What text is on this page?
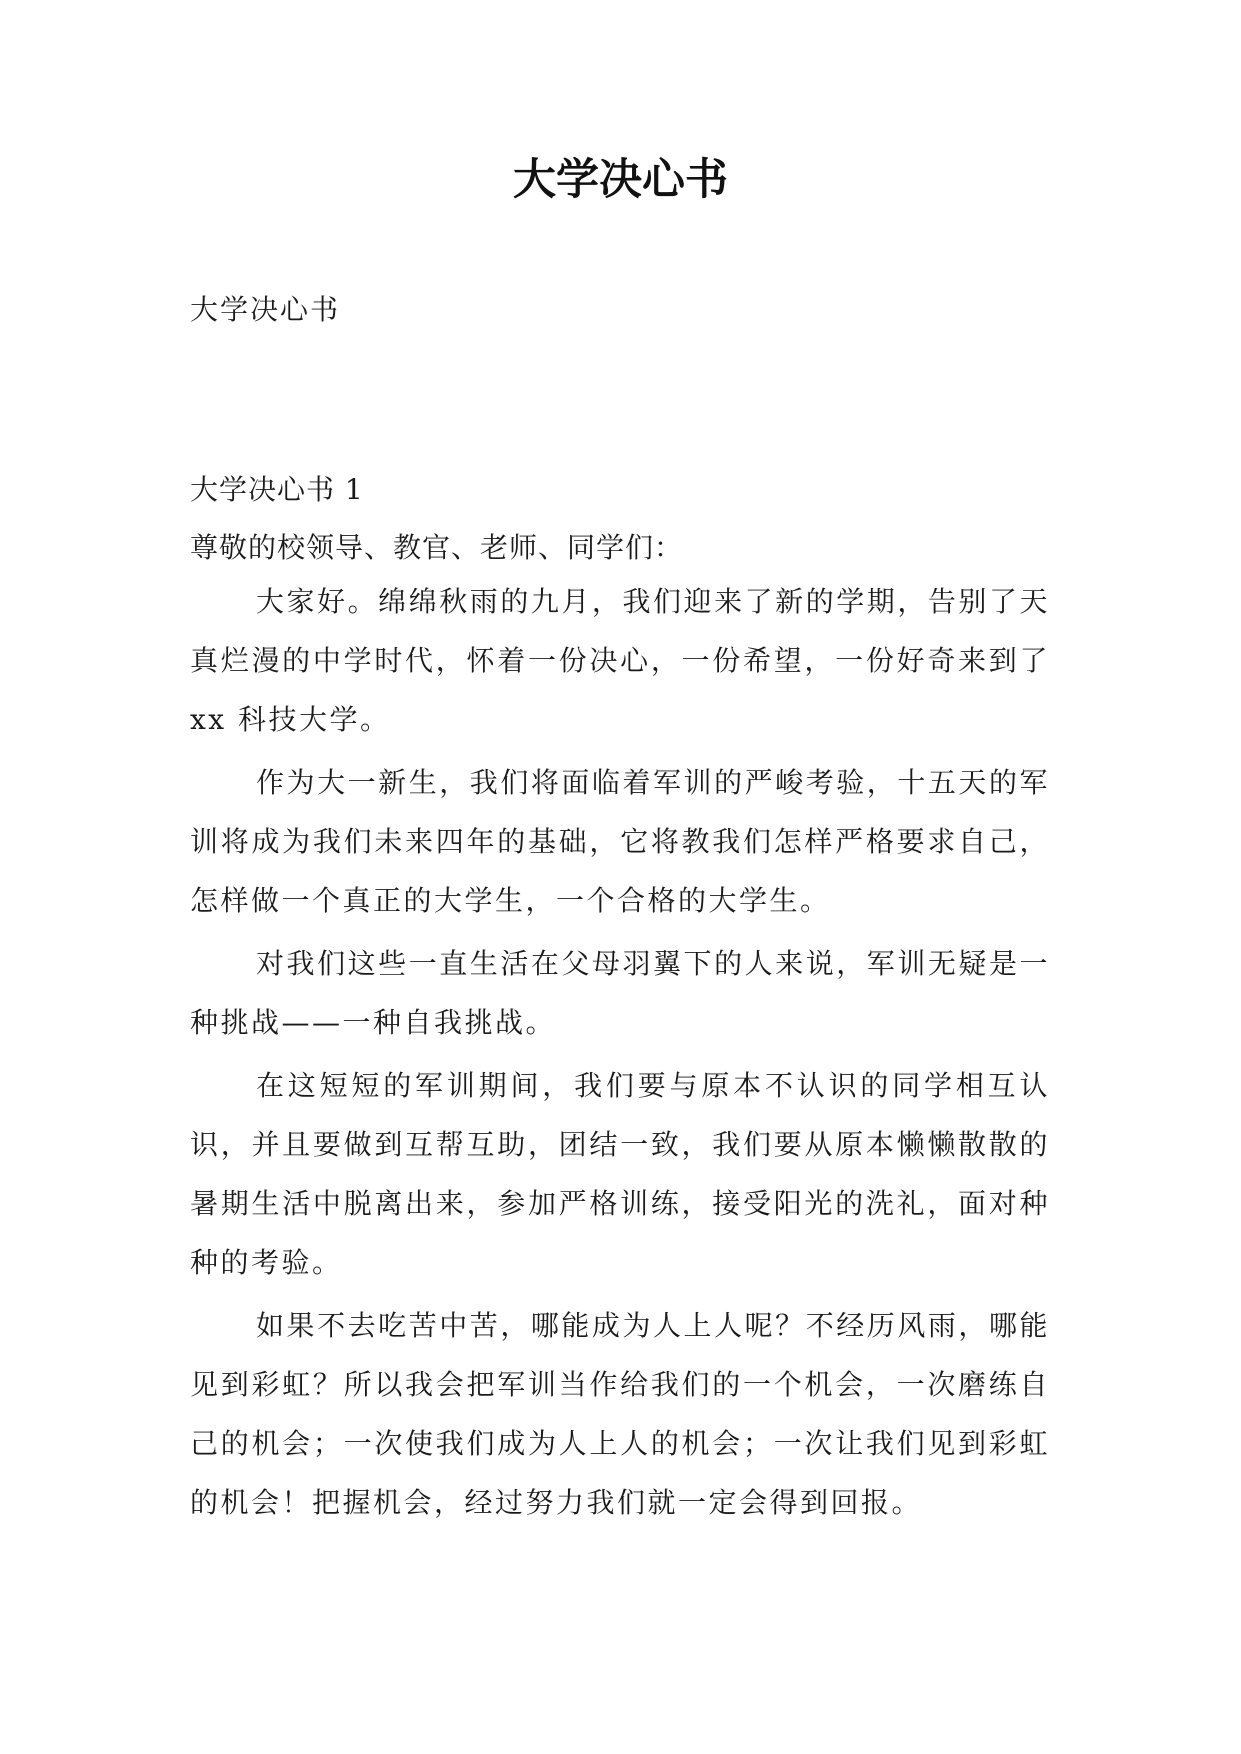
大学决心书

大学决心书

大学决心书 1

尊敬的校领导、教官、老师、同学们：

大家好。绵绵秋雨的九月，我们迎来了新的学期，告别了天真烂漫的中学时代，怀着一份决心，一份希望，一份好奇来到了 xx 科技大学。

作为大一新生，我们将面临着军训的严峻考验，十五天的军训将成为我们未来四年的基础，它将教我们怎样严格要求自己，怎样做一个真正的大学生，一个合格的大学生。

对我们这些一直生活在父母羽翼下的人来说，军训无疑是一种挑战——一种自我挑战。

在这短短的军训期间，我们要与原本不认识的同学相互认识，并且要做到互帮互助，团结一致，我们要从原本懒懒散散的暑期生活中脱离出来，参加严格训练，接受阳光的洗礼，面对种种的考验。

如果不去吃苦中苦，哪能成为人上人呢？不经历风雨，哪能见到彩虹？所以我会把军训当作给我们的一个机会，一次磨练自己的机会；一次使我们成为人上人的机会；一次让我们见到彩虹的机会！把握机会，经过努力我们就一定会得到回报。
